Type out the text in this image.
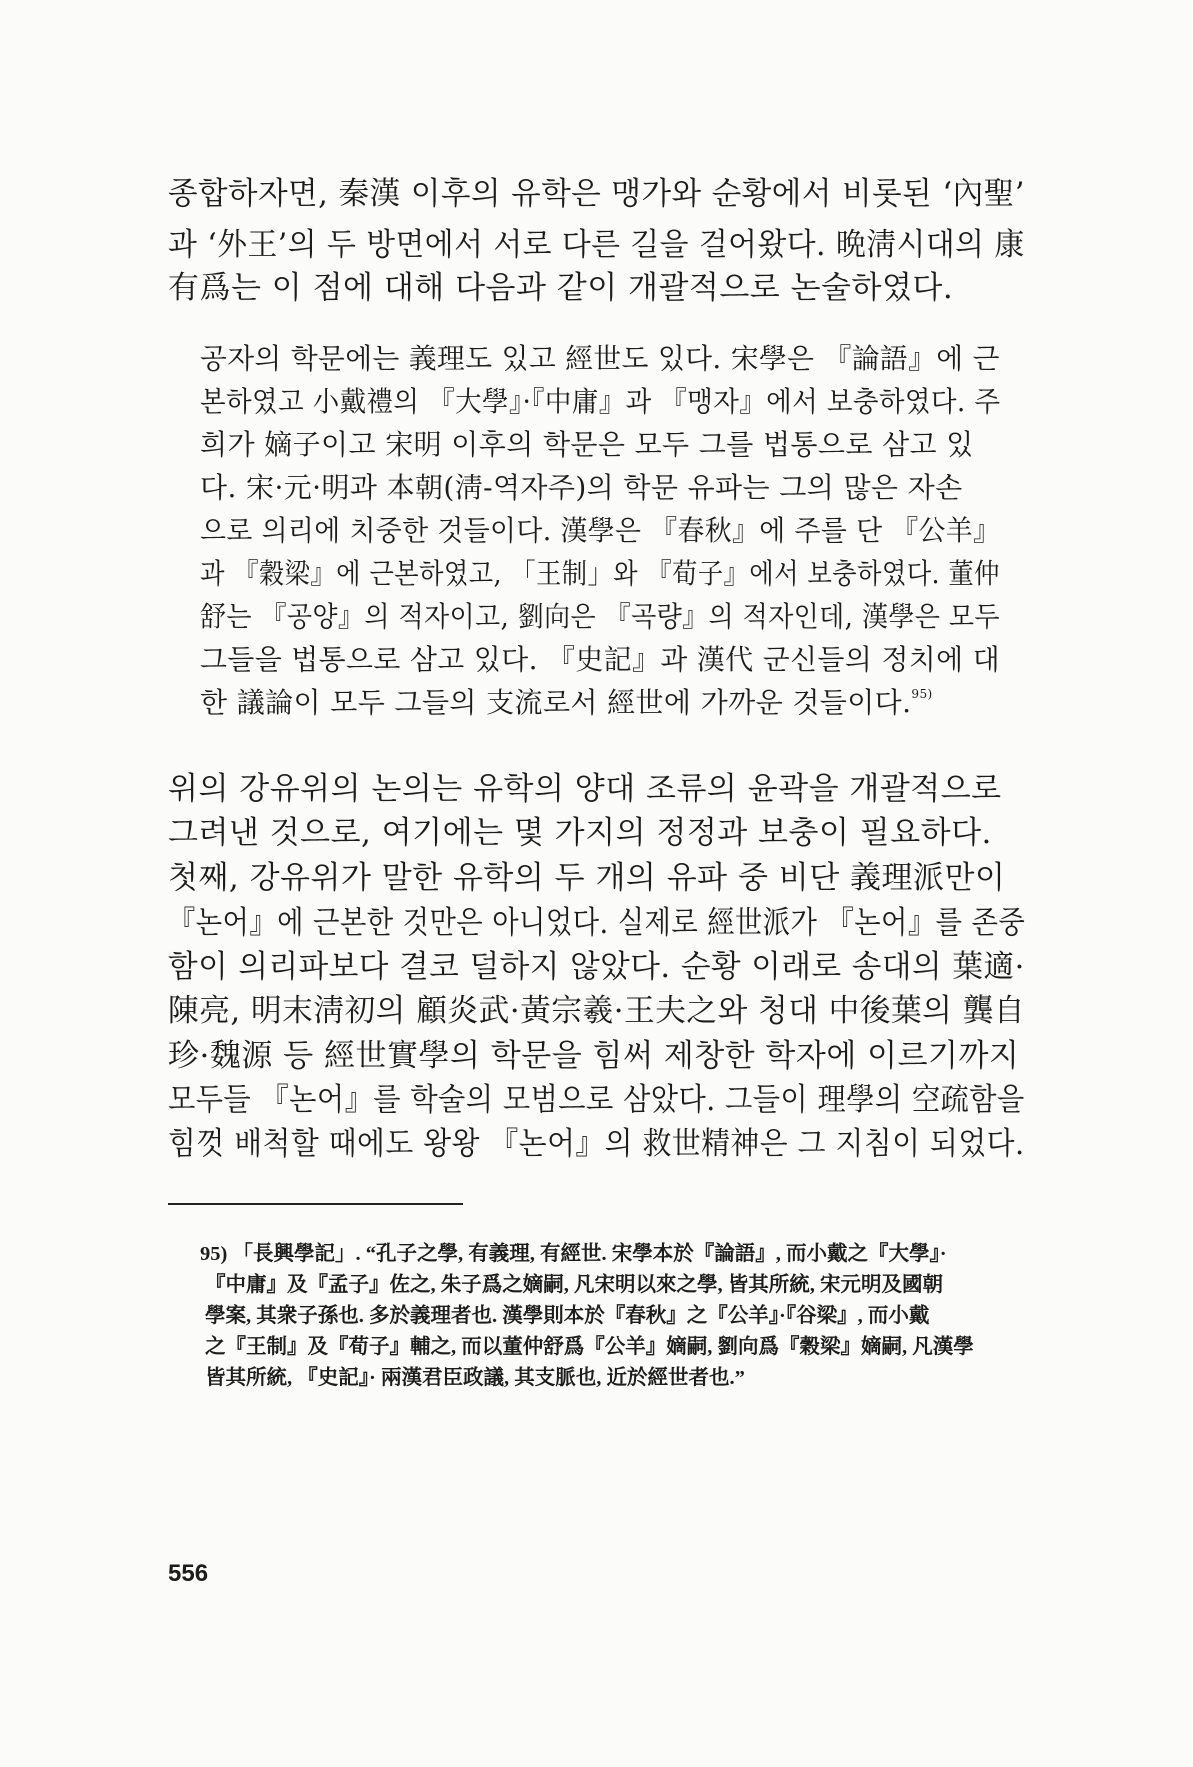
종합하자면, 秦漢 이후의 유학은 맹가와 순황에서 비롯된 ‘內聖’
과 ‘外王’의 두 방면에서 서로 다른 길을 걸어왔다. 晩淸시대의 康
有爲는 이 점에 대해 다음과 같이 개괄적으로 논술하였다.
공자의 학문에는 義理도 있고 經世도 있다. 宋學은 『論語』에 근
본하였고 小戴禮의 『大學』·『中庸』과 『맹자』에서 보충하였다. 주
희가 嫡子이고 宋明 이후의 학문은 모두 그를 법통으로 삼고 있
다. 宋·元·明과 本朝(淸-역자주)의 학문 유파는 그의 많은 자손
으로 의리에 치중한 것들이다. 漢學은 『春秋』에 주를 단 『公羊』
과 『穀梁』에 근본하였고, 「王制」와 『荀子』에서 보충하였다. 董仲
舒는 『공양』의 적자이고, 劉向은 『곡량』의 적자인데, 漢學은 모두
그들을 법통으로 삼고 있다. 『史記』과 漢代 군신들의 정치에 대
한 議論이 모두 그들의 支流로서 經世에 가까운 것들이다.$^{95)}$
위의 강유위의 논의는 유학의 양대 조류의 윤곽을 개괄적으로
그려낸 것으로, 여기에는 몇 가지의 정정과 보충이 필요하다.
첫째, 강유위가 말한 유학의 두 개의 유파 중 비단 義理派만이
『논어』에 근본한 것만은 아니었다. 실제로 經世派가 『논어』를 존중
함이 의리파보다 결코 덜하지 않았다. 순황 이래로 송대의 葉適·
陳亮, 明末淸初의 顧炎武·黃宗羲·王夫之와 청대 中後葉의 龔自
珍·魏源 등 經世實學의 학문을 힘써 제창한 학자에 이르기까지
모두들 『논어』를 학술의 모범으로 삼았다. 그들이 理學의 空疏함을
힘껏 배척할 때에도 왕왕 『논어』의 救世精神은 그 지침이 되었다.
95) 「長興學記」. “孔子之學, 有義理, 有經世. 宋學本於『論語』, 而小戴之『大學』·
『中庸』及『孟子』佐之, 朱子爲之嫡嗣, 凡宋明以來之學, 皆其所統, 宋元明及國朝
學案, 其衆子孫也. 多於義理者也. 漢學則本於『春秋』之『公羊』·『谷梁』, 而小戴
之『王制』及『荀子』輔之, 而以董仲舒爲『公羊』嫡嗣, 劉向爲『穀梁』嫡嗣, 凡漢學
皆其所統, 『史記』· 兩漢君臣政議, 其支脈也, 近於經世者也.”
556
